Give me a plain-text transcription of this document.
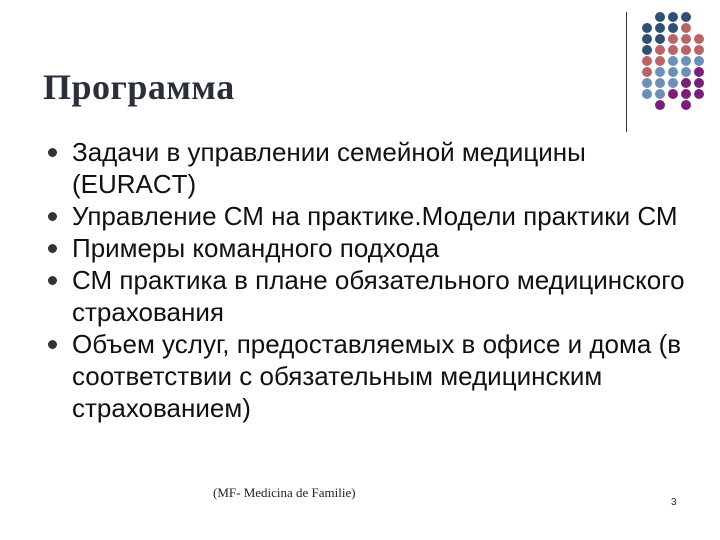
Программа
Задачи в управлении семейной медицины (EURACT)
Управление СМ на практике.Модели практики СМ
Примеры командного подхода
СМ практика в плане обязательного медицинского страхования
Объем услуг, предоставляемых в офисе и дома (в соответствии с обязательным медицинским страхованием)
(MF- Medicina de Familie)
3
